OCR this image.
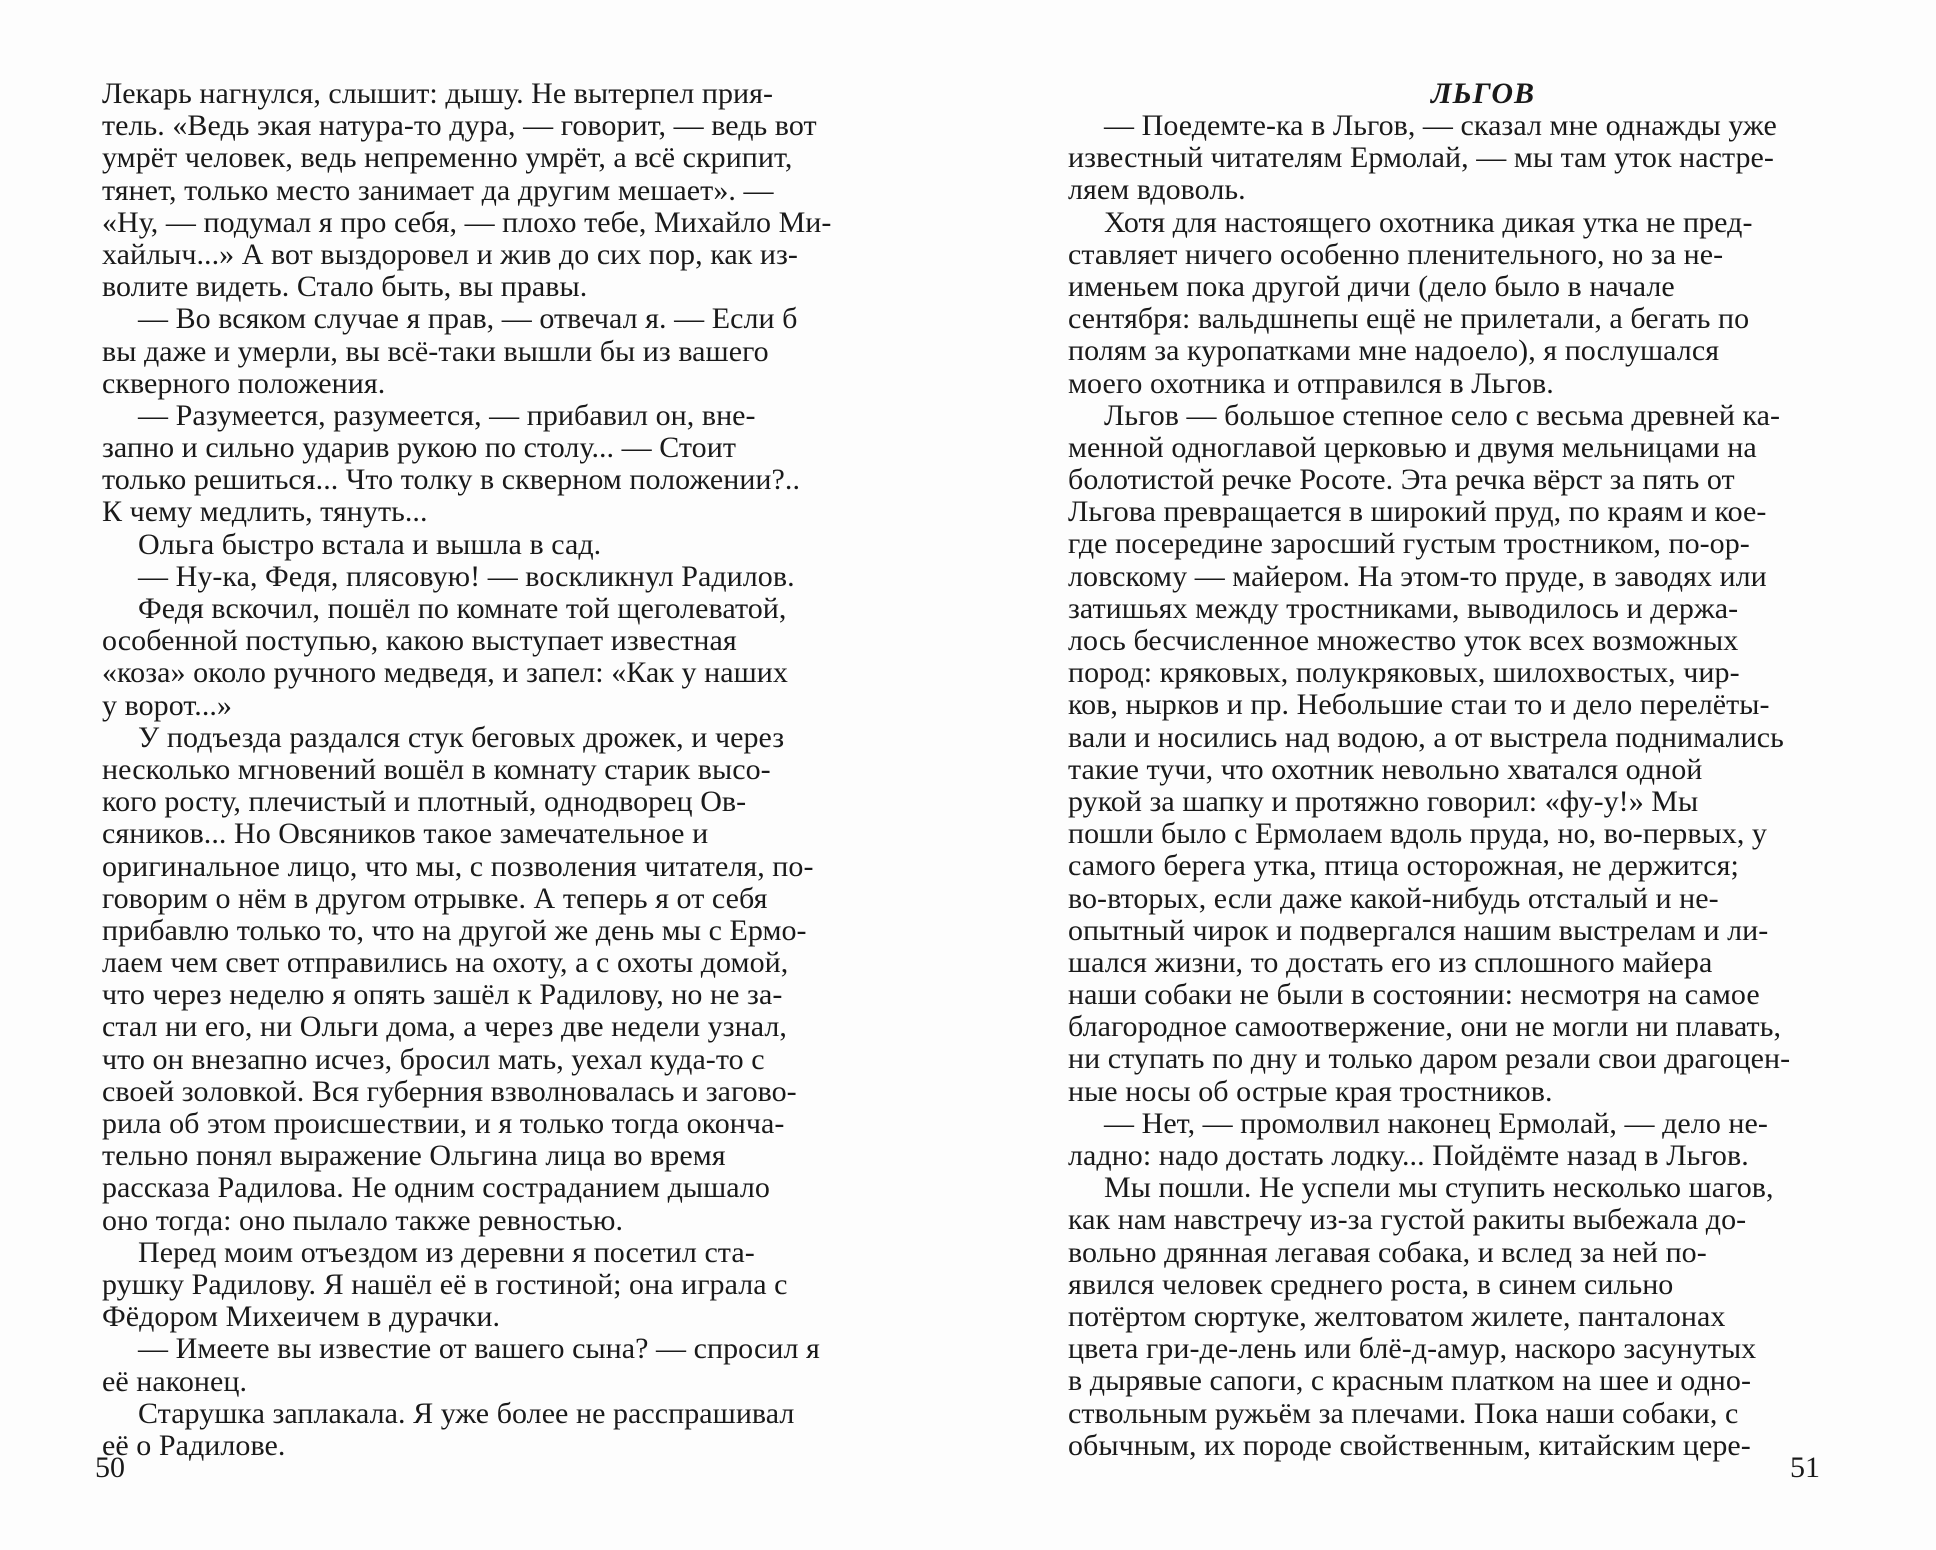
Лекарь нагнулся, слышит: дышу. Не вытерпел прия-
тель. «Ведь экая натура-то дура, — говорит, — ведь вот
умрёт человек, ведь непременно умрёт, а всё скрипит,
тянет, только место занимает да другим мешает». —
«Ну, — подумал я про себя, — плохо тебе, Михайло Ми-
хайлыч...» А вот выздоровел и жив до сих пор, как из-
волите видеть. Стало быть, вы правы.
— Во всяком случае я прав, — отвечал я. — Если б
вы даже и умерли, вы всё-таки вышли бы из вашего
скверного положения.
— Разумеется, разумеется, — прибавил он, вне-
запно и сильно ударив рукою по столу... — Стоит
только решиться... Что толку в скверном положении?..
К чему медлить, тянуть...
Ольга быстро встала и вышла в сад.
— Ну-ка, Федя, плясовую! — воскликнул Радилов.
Федя вскочил, пошёл по комнате той щеголеватой,
особенной поступью, какою выступает известная
«коза» около ручного медведя, и запел: «Как у наших
у ворот...»
У подъезда раздался стук беговых дрожек, и через
несколько мгновений вошёл в комнату старик высо-
кого росту, плечистый и плотный, однодворец Ов-
сяников... Но Овсяников такое замечательное и
оригинальное лицо, что мы, с позволения читателя, по-
говорим о нём в другом отрывке. А теперь я от себя
прибавлю только то, что на другой же день мы с Ермо-
лаем чем свет отправились на охоту, а с охоты домой,
что через неделю я опять зашёл к Радилову, но не за-
стал ни его, ни Ольги дома, а через две недели узнал,
что он внезапно исчез, бросил мать, уехал куда-то с
своей золовкой. Вся губерния взволновалась и загово-
рила об этом происшествии, и я только тогда оконча-
тельно понял выражение Ольгина лица во время
рассказа Радилова. Не одним состраданием дышало
оно тогда: оно пылало также ревностью.
Перед моим отъездом из деревни я посетил ста-
рушку Радилову. Я нашёл её в гостиной; она играла с
Фёдором Михеичем в дурачки.
— Имеете вы известие от вашего сына? — спросил я
её наконец.
Старушка заплакала. Я уже более не расспрашивал
её о Радилове.
ЛЬГОВ
— Поедемте-ка в Льгов, — сказал мне однажды уже
известный читателям Ермолай, — мы там уток настре-
ляем вдоволь.
Хотя для настоящего охотника дикая утка не пред-
ставляет ничего особенно пленительного, но за не-
именьем пока другой дичи (дело было в начале
сентября: вальдшнепы ещё не прилетали, а бегать по
полям за куропатками мне надоело), я послушался
моего охотника и отправился в Льгов.
Льгов — большое степное село с весьма древней ка-
менной одноглавой церковью и двумя мельницами на
болотистой речке Росоте. Эта речка вёрст за пять от
Льгова превращается в широкий пруд, по краям и кое-
где посередине заросший густым тростником, по-ор-
ловскому — майером. На этом-то пруде, в заводях или
затишьях между тростниками, выводилось и держа-
лось бесчисленное множество уток всех возможных
пород: кряковых, полукряковых, шилохвостых, чир-
ков, нырков и пр. Небольшие стаи то и дело перелёты-
вали и носились над водою, а от выстрела поднимались
такие тучи, что охотник невольно хватался одной
рукой за шапку и протяжно говорил: «фу-у!» Мы
пошли было с Ермолаем вдоль пруда, но, во-первых, у
самого берега утка, птица осторожная, не держится;
во-вторых, если даже какой-нибудь отсталый и не-
опытный чирок и подвергался нашим выстрелам и ли-
шался жизни, то достать его из сплошного майера
наши собаки не были в состоянии: несмотря на самое
благородное самоотвержение, они не могли ни плавать,
ни ступать по дну и только даром резали свои драгоцен-
ные носы об острые края тростников.
— Нет, — промолвил наконец Ермолай, — дело не-
ладно: надо достать лодку... Пойдёмте назад в Льгов.
Мы пошли. Не успели мы ступить несколько шагов,
как нам навстречу из-за густой ракиты выбежала до-
вольно дрянная легавая собака, и вслед за ней по-
явился человек среднего роста, в синем сильно
потёртом сюртуке, желтоватом жилете, панталонах
цвета гри-де-лень или блё-д-амур, наскоро засунутых
в дырявые сапоги, с красным платком на шее и одно-
ствольным ружьём за плечами. Пока наши собаки, с
обычным, их породе свойственным, китайским цере-
50	51
